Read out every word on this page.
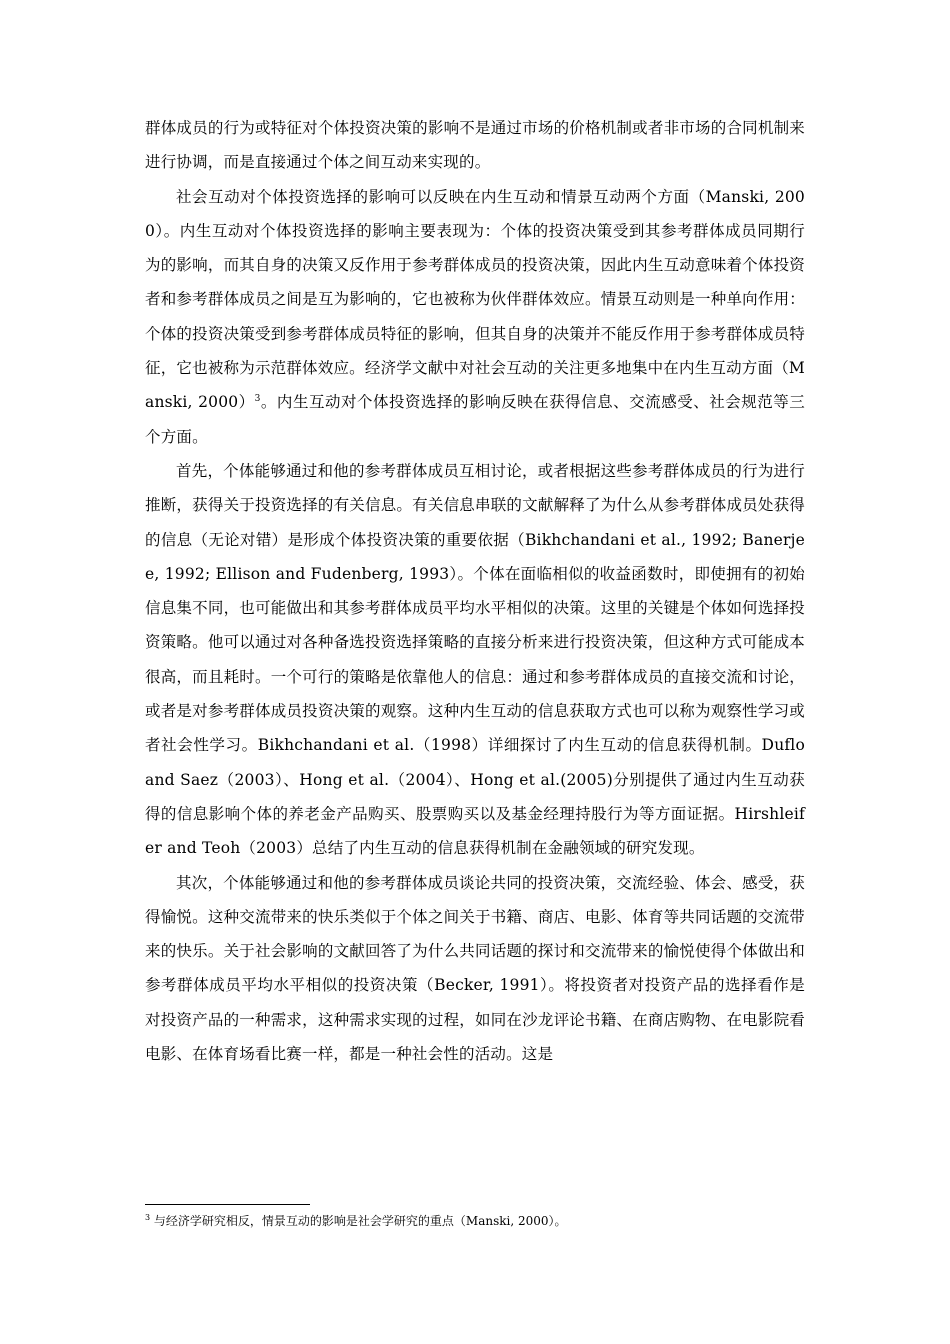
群体成员的行为或特征对个体投资决策的影响不是通过市场的价格机制或者非市场的合同机制来进行协调，而是直接通过个体之间互动来实现的。

社会互动对个体投资选择的影响可以反映在内生互动和情景互动两个方面（Manski, 2000）。内生互动对个体投资选择的影响主要表现为：个体的投资决策受到其参考群体成员同期行为的影响，而其自身的决策又反作用于参考群体成员的投资决策，因此内生互动意味着个体投资者和参考群体成员之间是互为影响的，它也被称为伙伴群体效应。情景互动则是一种单向作用：个体的投资决策受到参考群体成员特征的影响，但其自身的决策并不能反作用于参考群体成员特征，它也被称为示范群体效应。经济学文献中对社会互动的关注更多地集中在内生互动方面（Manski, 2000）$^3$。内生互动对个体投资选择的影响反映在获得信息、交流感受、社会规范等三个方面。

首先，个体能够通过和他的参考群体成员互相讨论，或者根据这些参考群体成员的行为进行推断，获得关于投资选择的有关信息。有关信息串联的文献解释了为什么从参考群体成员处获得的信息（无论对错）是形成个体投资决策的重要依据（Bikhchandani et al., 1992; Banerjee, 1992; Ellison and Fudenberg, 1993）。个体在面临相似的收益函数时，即使拥有的初始信息集不同，也可能做出和其参考群体成员平均水平相似的决策。这里的关键是个体如何选择投资策略。他可以通过对各种备选投资选择策略的直接分析来进行投资决策，但这种方式可能成本很高，而且耗时。一个可行的策略是依靠他人的信息：通过和参考群体成员的直接交流和讨论，或者是对参考群体成员投资决策的观察。这种内生互动的信息获取方式也可以称为观察性学习或者社会性学习。Bikhchandani et al.（1998）详细探讨了内生互动的信息获得机制。Duflo and Saez（2003）、Hong et al.（2004）、Hong et al.(2005)分别提供了通过内生互动获得的信息影响个体的养老金产品购买、股票购买以及基金经理持股行为等方面证据。Hirshleifer and Teoh（2003）总结了内生互动的信息获得机制在金融领域的研究发现。

其次，个体能够通过和他的参考群体成员谈论共同的投资决策，交流经验、体会、感受，获得愉悦。这种交流带来的快乐类似于个体之间关于书籍、商店、电影、体育等共同话题的交流带来的快乐。关于社会影响的文献回答了为什么共同话题的探讨和交流带来的愉悦使得个体做出和参考群体成员平均水平相似的投资决策（Becker, 1991）。将投资者对投资产品的选择看作是对投资产品的一种需求，这种需求实现的过程，如同在沙龙评论书籍、在商店购物、在电影院看电影、在体育场看比赛一样，都是一种社会性的活动。这是

$^3$ 与经济学研究相反，情景互动的影响是社会学研究的重点（Manski, 2000）。
